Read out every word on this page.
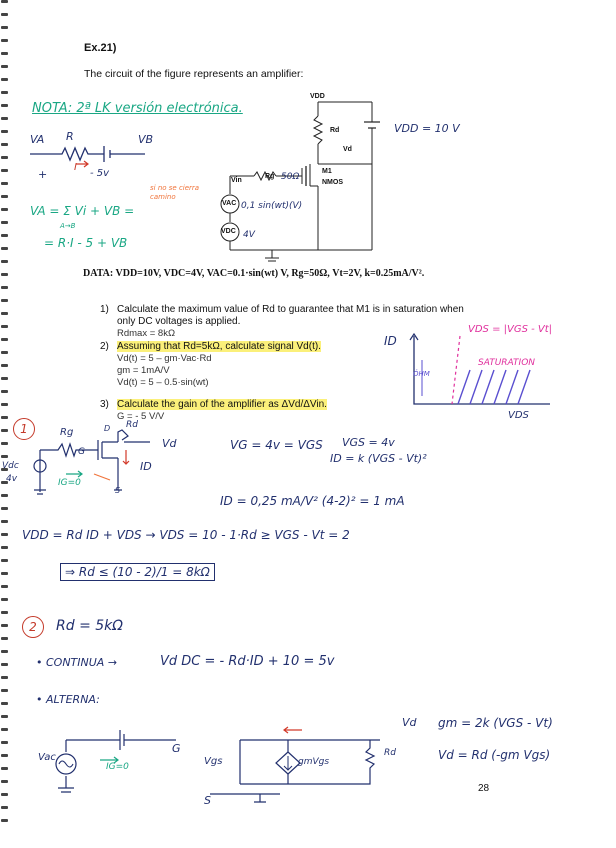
Ex.21)
The circuit of the figure represents an amplifier:
NOTA: 2ª LK versión electrónica.
VA R	VB
I
+	- 5v
VA = Σ Vi + VB =
A→B
= R·I - 5 + VB
si no se cierra camino
VDD
Rd
Vd
M1
NMOS
Vin
Rg
VAC
VDC
VDD = 10 V
50Ω
0,1 sin(wt)(V)
4V
DATA: VDD=10V, VDC=4V, VAC=0.1·sin(wt) V, Rg=50Ω, Vt=2V, k=0.25mA/V².
1) Calculate the maximum value of Rd to guarantee that M1 is in saturation when
only DC voltages is applied.
Rdmax = 8kΩ
2) Assuming that Rd=5kΩ, calculate signal Vd(t).
Vd(t) = 5 – gm·Vac·Rd
gm = 1mA/V
Vd(t) = 5 – 0.5·sin(wt)
3) Calculate the gain of the amplifier as ΔVd/ΔVin.
G = - 5 V/V
ID
VDS
ÓHM
VDS = |VGS - Vt|
SATURATION
1	Rg
G
D
S
Rd
Vd
ID
Vdc
4v	IG=0
VG = 4v = VGS VGS = 4v
ID = k (VGS - Vt)²
ID = 0,25 mA/V² (4-2)² = 1 mA
VDD = Rd ID + VDS → VDS = 10 - 1·Rd ≥ VGS - Vt = 2
⇒ Rd ≤ (10 - 2)/1 = 8kΩ
2	Rd = 5kΩ
• CONTINUA →	Vd DC = - Rd·ID + 10 = 5v
• ALTERNA:
Vac
IG=0
G
S
Vgs	gmVgs
Rd
Vd gm = 2k (VGS - Vt)
Vd = Rd (-gm Vgs)
28
